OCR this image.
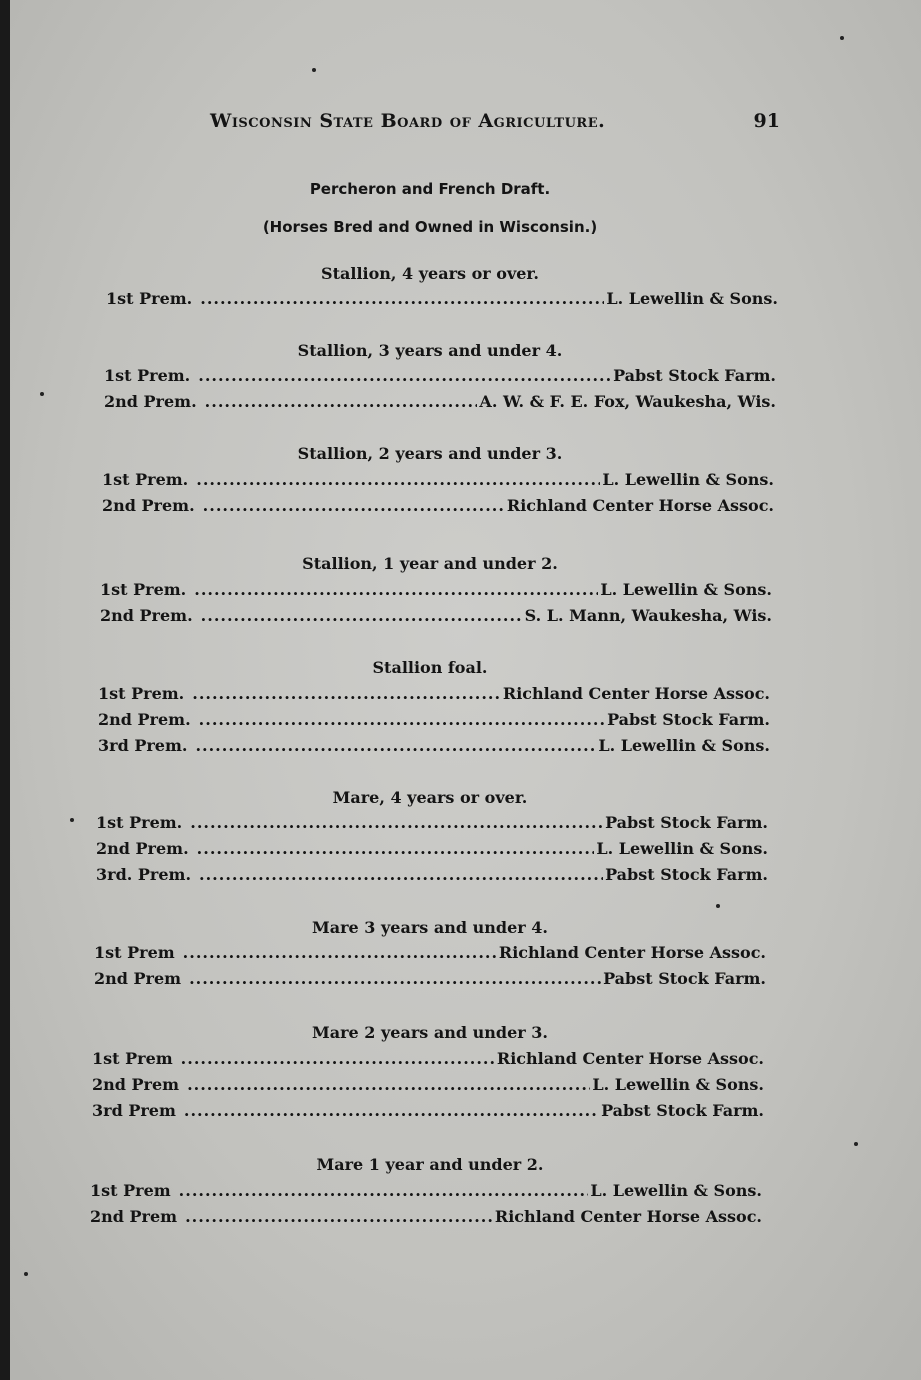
Wisconsin State Board of Agriculture.	91
Percheron and French Draft.
(Horses Bred and Owned in Wisconsin.)
Stallion, 4 years or over.
1st Prem. .....	L. Lewellin & Sons.
Stallion, 3 years and under 4.
1st Prem. .....	Pabst Stock Farm.
2nd Prem. .....	A. W. & F. E. Fox, Waukesha, Wis.
Stallion, 2 years and under 3.
1st Prem. .....	L. Lewellin & Sons.
2nd Prem. .....	Richland Center Horse Assoc.
Stallion, 1 year and under 2.
1st Prem. .....	L. Lewellin & Sons.
2nd Prem. .....	S. L. Mann, Waukesha, Wis.
Stallion foal.
1st Prem. .....	Richland Center Horse Assoc.
2nd Prem. .....	Pabst Stock Farm.
3rd Prem. .....	L. Lewellin & Sons.
Mare, 4 years or over.
1st Prem. .....	Pabst Stock Farm.
2nd Prem. .....	L. Lewellin & Sons.
3rd. Prem. .....	Pabst Stock Farm.
Mare 3 years and under 4.
1st Prem .....	Richland Center Horse Assoc.
2nd Prem .....	Pabst Stock Farm.
Mare 2 years and under 3.
1st Prem .....	Richland Center Horse Assoc.
2nd Prem .....	L. Lewellin & Sons.
3rd Prem .....	Pabst Stock Farm.
Mare 1 year and under 2.
1st Prem .....	L. Lewellin & Sons.
2nd Prem .....	Richland Center Horse Assoc.
